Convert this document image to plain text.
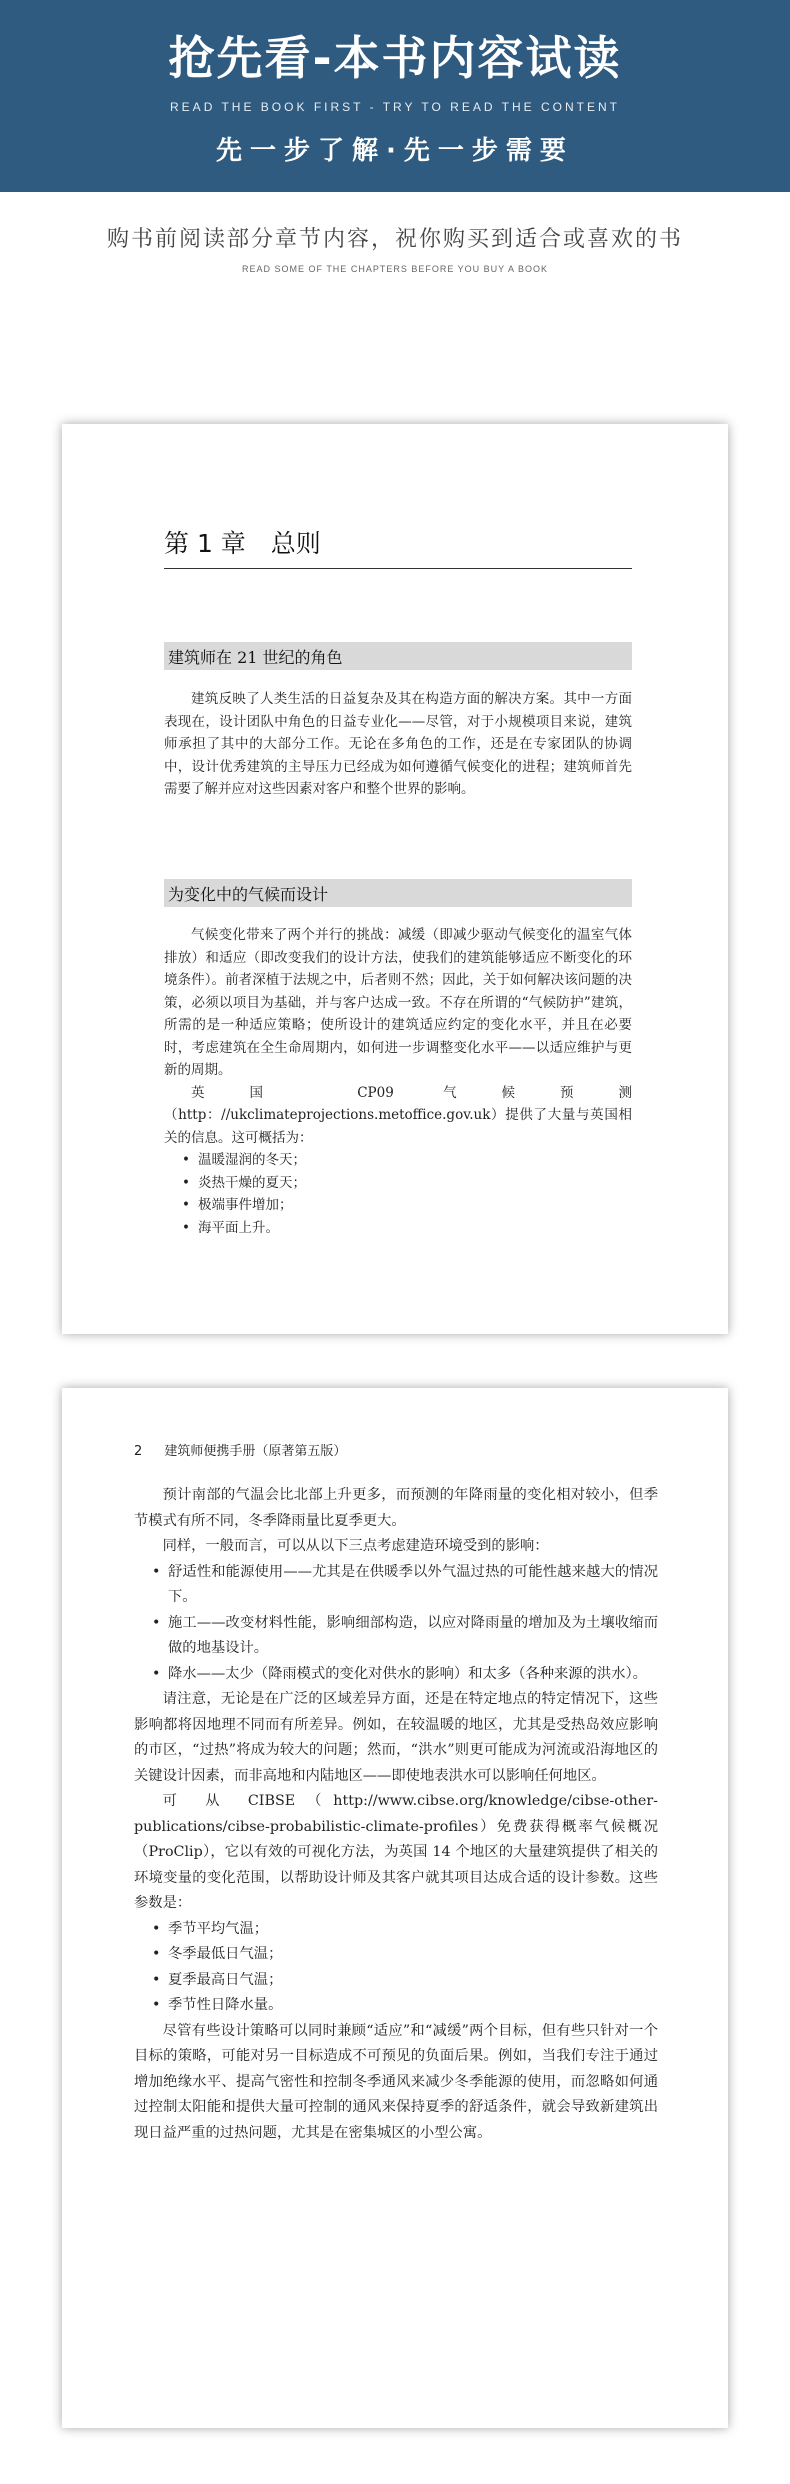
抢先看-本书内容试读
READ THE BOOK FIRST - TRY TO READ THE CONTENT
先一步了解·先一步需要
购书前阅读部分章节内容，祝你购买到适合或喜欢的书
READ SOME OF THE CHAPTERS BEFORE YOU BUY A BOOK
第 1 章　总则
建筑师在 21 世纪的角色

建筑反映了人类生活的日益复杂及其在构造方面的解决方案。其中一方面表现在，设计团队中角色的日益专业化——尽管，对于小规模项目来说，建筑师承担了其中的大部分工作。无论在多角色的工作，还是在专家团队的协调中，设计优秀建筑的主导压力已经成为如何遵循气候变化的进程；建筑师首先需要了解并应对这些因素对客户和整个世界的影响。

为变化中的气候而设计

气候变化带来了两个并行的挑战：减缓（即减少驱动气候变化的温室气体排放）和适应（即改变我们的设计方法，使我们的建筑能够适应不断变化的环境条件）。前者深植于法规之中，后者则不然；因此，关于如何解决该问题的决策，必须以项目为基础，并与客户达成一致。不存在所谓的“气候防护”建筑，所需的是一种适应策略；使所设计的建筑适应约定的变化水平，并且在必要时，考虑建筑在全生命周期内，如何进一步调整变化水平——以适应维护与更新的周期。

英国 CP09 气候预测（http：//ukclimateprojections.metoffice.gov.uk）提供了大量与英国相关的信息。这可概括为：

• 温暖湿润的冬天；
• 炎热干燥的夏天；
• 极端事件增加；
• 海平面上升。
2 建筑师便携手册（原著第五版）

预计南部的气温会比北部上升更多，而预测的年降雨量的变化相对较小，但季节模式有所不同，冬季降雨量比夏季更大。

同样，一般而言，可以从以下三点考虑建造环境受到的影响：

• 舒适性和能源使用——尤其是在供暖季以外气温过热的可能性越来越大的情况下。
• 施工——改变材料性能，影响细部构造，以应对降雨量的增加及为土壤收缩而做的地基设计。
• 降水——太少（降雨模式的变化对供水的影响）和太多（各种来源的洪水）。

请注意，无论是在广泛的区域差异方面，还是在特定地点的特定情况下，这些影响都将因地理不同而有所差异。例如，在较温暖的地区，尤其是受热岛效应影响的市区，“过热”将成为较大的问题；然而，“洪水”则更可能成为河流或沿海地区的关键设计因素，而非高地和内陆地区——即使地表洪水可以影响任何地区。

可 从 CIBSE（http://www.cibse.org/knowledge/cibse-other-publications/cibse-probabilistic-climate-profiles）免费获得概率气候概况（ProClip），它以有效的可视化方法，为英国 14 个地区的大量建筑提供了相关的环境变量的变化范围，以帮助设计师及其客户就其项目达成合适的设计参数。这些参数是：

• 季节平均气温；
• 冬季最低日气温；
• 夏季最高日气温；
• 季节性日降水量。

尽管有些设计策略可以同时兼顾“适应”和“减缓”两个目标，但有些只针对一个目标的策略，可能对另一目标造成不可预见的负面后果。例如，当我们专注于通过增加绝缘水平、提高气密性和控制冬季通风来减少冬季能源的使用，而忽略如何通过控制太阳能和提供大量可控制的通风来保持夏季的舒适条件，就会导致新建筑出现日益严重的过热问题，尤其是在密集城区的小型公寓。
